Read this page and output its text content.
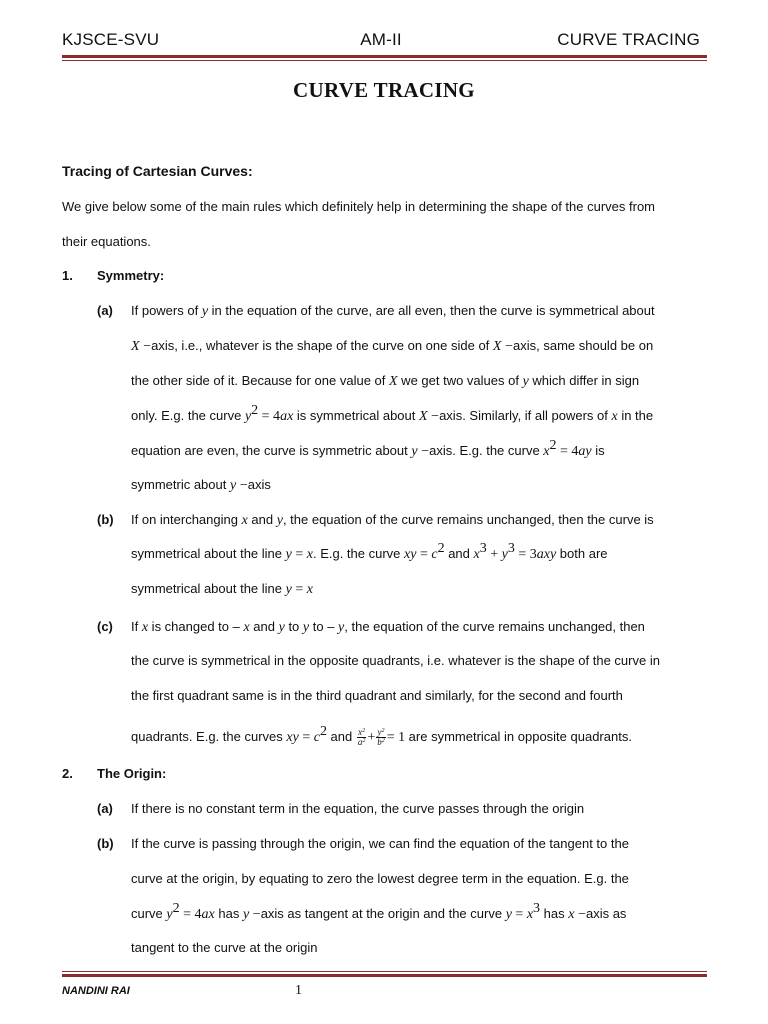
KJSCE-SVU	AM-II	CURVE TRACING
CURVE TRACING
Tracing of Cartesian Curves:
We give below some of the main rules which definitely help in determining the shape of the curves from
their equations.
1. Symmetry:
(a) If powers of y in the equation of the curve, are all even, then the curve is symmetrical about
X −axis, i.e., whatever is the shape of the curve on one side of X −axis, same should be on
the other side of it. Because for one value of X we get two values of y which differ in sign
only. E.g. the curve $y^2 = 4ax$ is symmetrical about X −axis. Similarly, if all powers of x in the
equation are even, the curve is symmetric about y −axis. E.g. the curve $x^2 = 4ay$ is
symmetric about y −axis
(b) If on interchanging x and y, the equation of the curve remains unchanged, then the curve is
symmetrical about the line y = x. E.g. the curve xy = $c^2$ and $x^3 + y^3 = 3axy$ both are
symmetrical about the line y = x
(c) If x is changed to – x and y to y to – y, the equation of the curve remains unchanged, then
the curve is symmetrical in the opposite quadrants, i.e. whatever is the shape of the curve in
the first quadrant same is in the third quadrant and similarly, for the second and fourth
quadrants. E.g. the curves xy = $c^2$ and $\frac{x^2}{a^2} + \frac{y^2}{b^2} = 1$ are symmetrical in opposite quadrants.
2. The Origin:
(a) If there is no constant term in the equation, the curve passes through the origin
(b) If the curve is passing through the origin, we can find the equation of the tangent to the
curve at the origin, by equating to zero the lowest degree term in the equation. E.g. the
curve $y^2 = 4ax$ has y −axis as tangent at the origin and the curve $y = x^3$ has x −axis as
tangent to the curve at the origin
NANDINI RAI	1
